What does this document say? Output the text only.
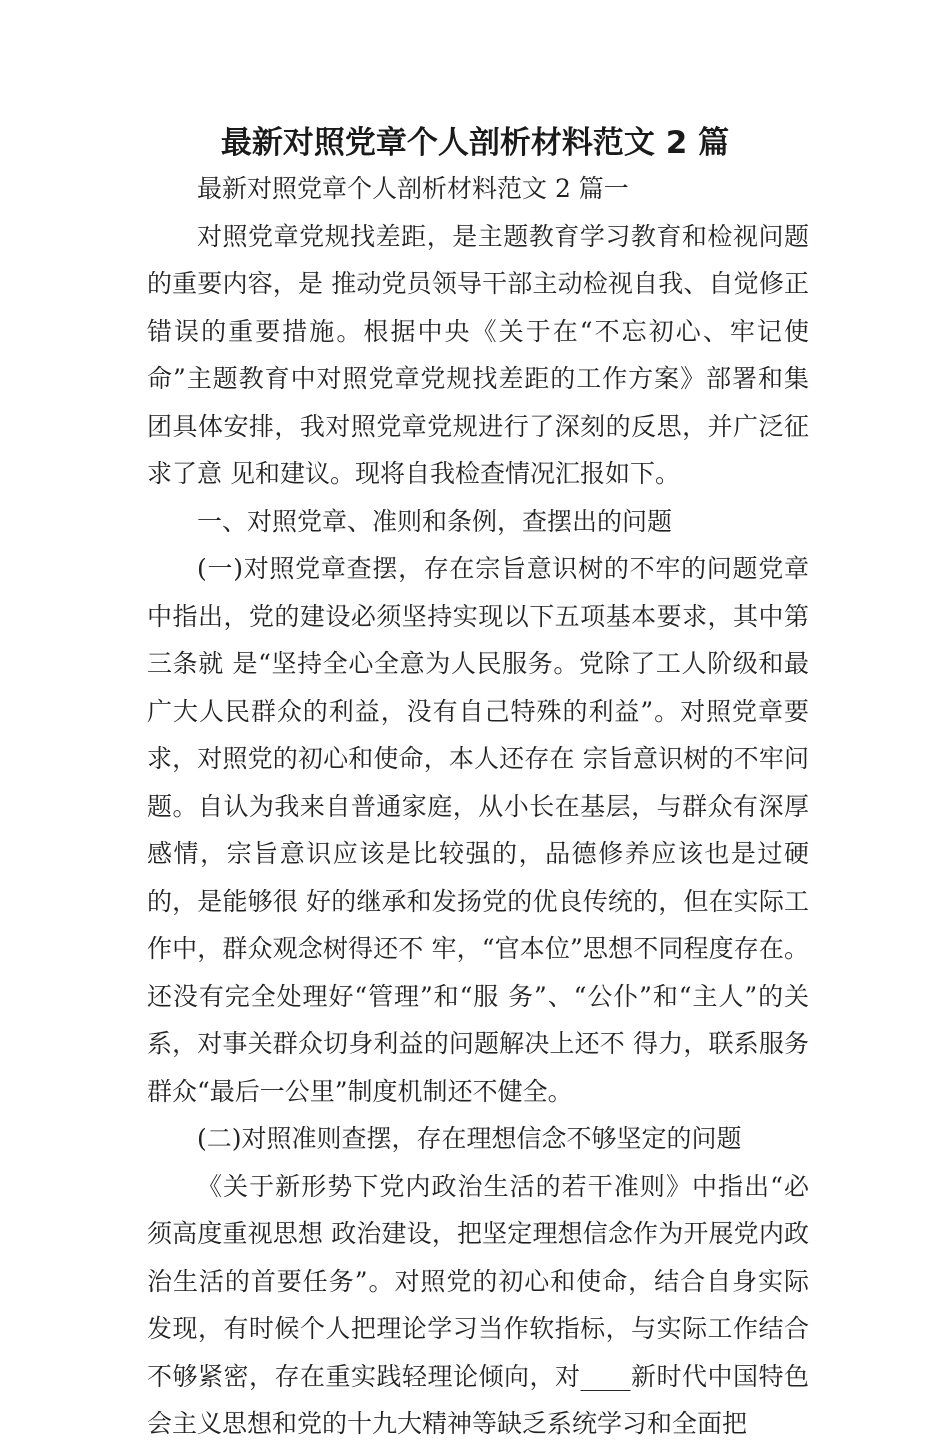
最新对照党章个人剖析材料范文 2 篇

最新对照党章个人剖析材料范文 2 篇一

对照党章党规找差距，是主题教育学习教育和检视问题的重要内容，是 推动党员领导干部主动检视自我、自觉修正错误的重要措施。根据中央《关于在“不忘初心、牢记使命”主题教育中对照党章党规找差距的工作方案》部署和集团具体安排，我对照党章党规进行了深刻的反思，并广泛征求了意 见和建议。现将自我检查情况汇报如下。

一、对照党章、准则和条例，查摆出的问题

(一)对照党章查摆，存在宗旨意识树的不牢的问题党章中指出，党的建设必须坚持实现以下五项基本要求，其中第三条就 是“坚持全心全意为人民服务。党除了工人阶级和最广大人民群众的利益，没有自己特殊的利益”。对照党章要求，对照党的初心和使命，本人还存在 宗旨意识树的不牢问题。自认为我来自普通家庭，从小长在基层，与群众有深厚感情，宗旨意识应该是比较强的，品德修养应该也是过硬的，是能够很 好的继承和发扬党的优良传统的，但在实际工作中，群众观念树得还不 牢，“官本位”思想不同程度存在。还没有完全处理好“管理”和“服 务”、“公仆”和“主人”的关系，对事关群众切身利益的问题解决上还不 得力，联系服务群众“最后一公里”制度机制还不健全。

(二)对照准则查摆，存在理想信念不够坚定的问题

《关于新形势下党内政治生活的若干准则》中指出“必须高度重视思想 政治建设，把坚定理想信念作为开展党内政治生活的首要任务”。对照党的初心和使命，结合自身实际发现，有时候个人把理论学习当作软指标，与实际工作结合不够紧密，存在重实践轻理论倾向，对____新时代中国特色会主义思想和党的十九大精神等缺乏系统学习和全面把
